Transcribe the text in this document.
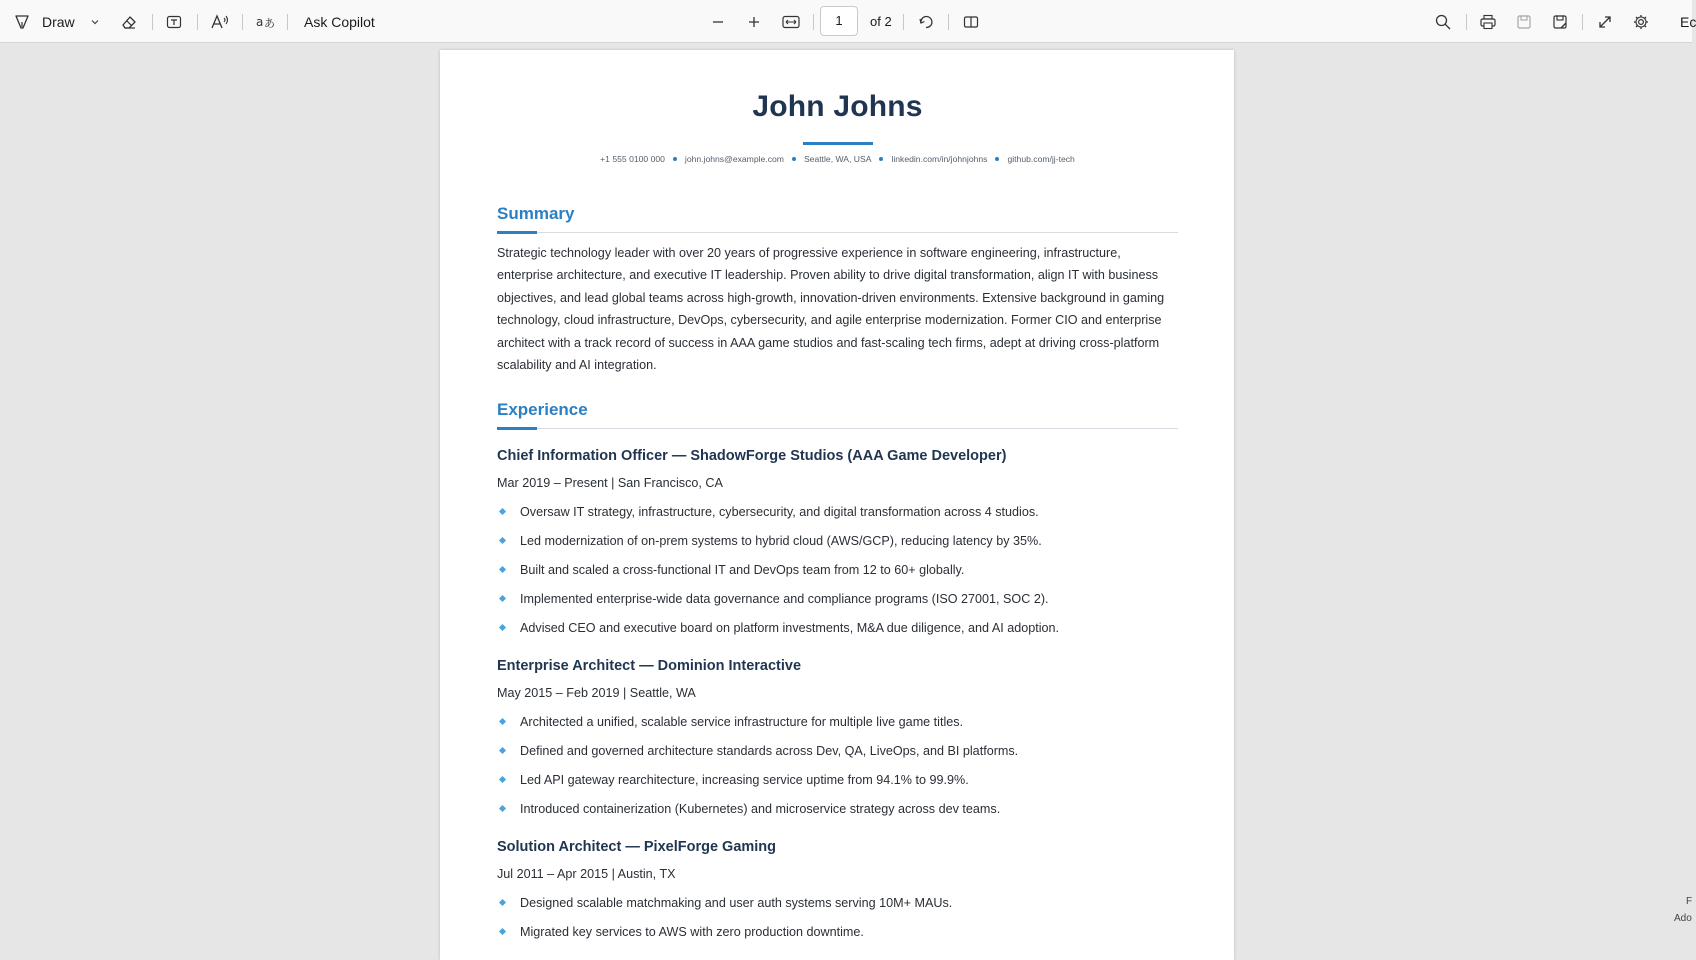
Draw	a あ Ask Copilot	1	of 2	Ec
John Johns
+1 555 0100 000 john.johns@example.com Seattle, WA, USA linkedin.com/in/johnjohns github.com/jj-tech
Summary

Strategic technology leader with over 20 years of progressive experience in software engineering, infrastructure, enterprise architecture, and executive IT leadership. Proven ability to drive digital transformation, align IT with business objectives, and lead global teams across high-growth, innovation-driven environments. Extensive background in gaming technology, cloud infrastructure, DevOps, cybersecurity, and agile enterprise modernization. Former CIO and enterprise architect with a track record of success in AAA game studios and fast-scaling tech firms, adept at driving cross-platform scalability and AI integration.

Experience
Chief Information Officer — ShadowForge Studios (AAA Game Developer)
Mar 2019 – Present | San Francisco, CA
Oversaw IT strategy, infrastructure, cybersecurity, and digital transformation across 4 studios.
Led modernization of on-prem systems to hybrid cloud (AWS/GCP), reducing latency by 35%.
Built and scaled a cross-functional IT and DevOps team from 12 to 60+ globally.
Implemented enterprise-wide data governance and compliance programs (ISO 27001, SOC 2).
Advised CEO and executive board on platform investments, M&A due diligence, and AI adoption.
Enterprise Architect — Dominion Interactive
May 2015 – Feb 2019 | Seattle, WA
Architected a unified, scalable service infrastructure for multiple live game titles.
Defined and governed architecture standards across Dev, QA, LiveOps, and BI platforms.
Led API gateway rearchitecture, increasing service uptime from 94.1% to 99.9%.
Introduced containerization (Kubernetes) and microservice strategy across dev teams.
Solution Architect — PixelForge Gaming
Jul 2011 – Apr 2015 | Austin, TX
Designed scalable matchmaking and user auth systems serving 10M+ MAUs.
Migrated key services to AWS with zero production downtime.
F
Ado
